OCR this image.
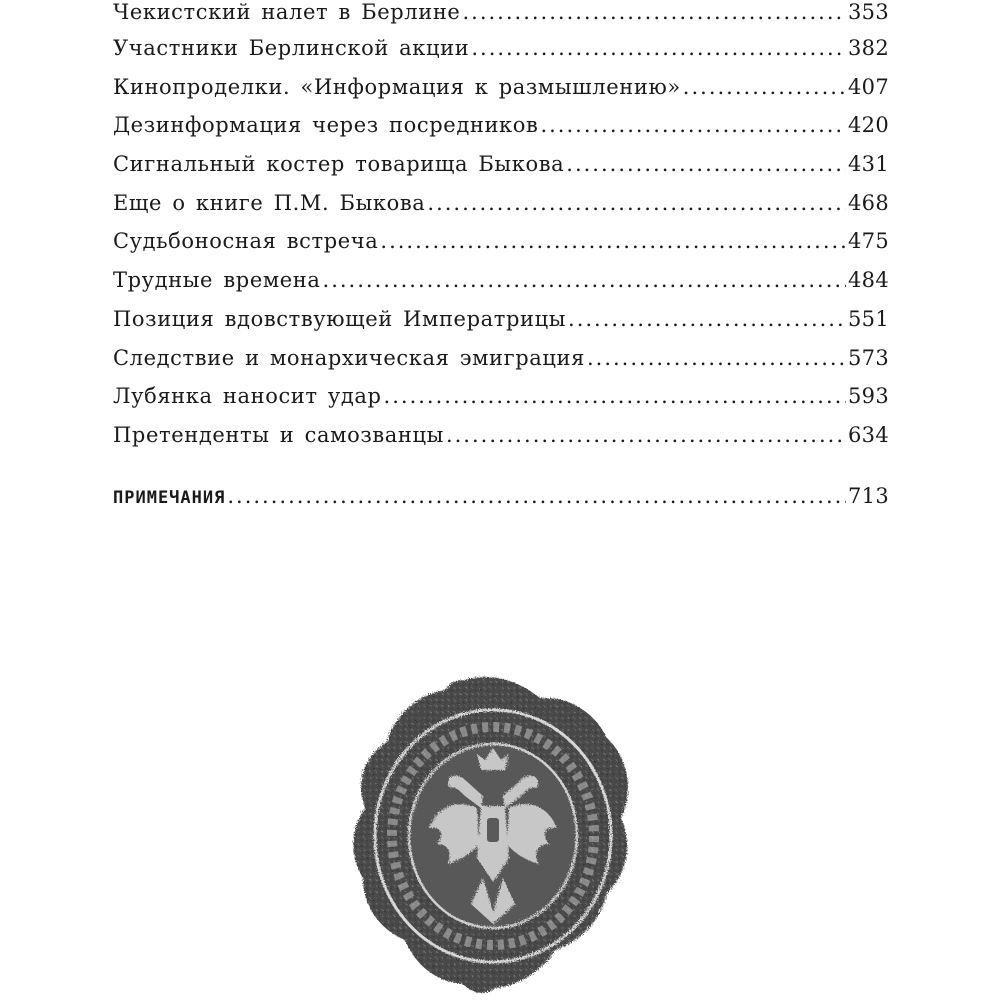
Чекистский налет в Берлине .....	353
Участники Берлинской акции .....	382
Кинопроделки. «Информация к размышлению» .....	407
Дезинформация через посредников .....	420
Сигнальный костер товарища Быкова .....	431
Еще о книге П.М. Быкова .....	468
Судьбоносная встреча .....	475
Трудные времена .....	484
Позиция вдовствующей Императрицы .....	551
Следствие и монархическая эмиграция .....	573
Лубянка наносит удар .....	593
Претенденты и самозванцы .....	634
ПРИМЕЧАНИЯ .....	713
